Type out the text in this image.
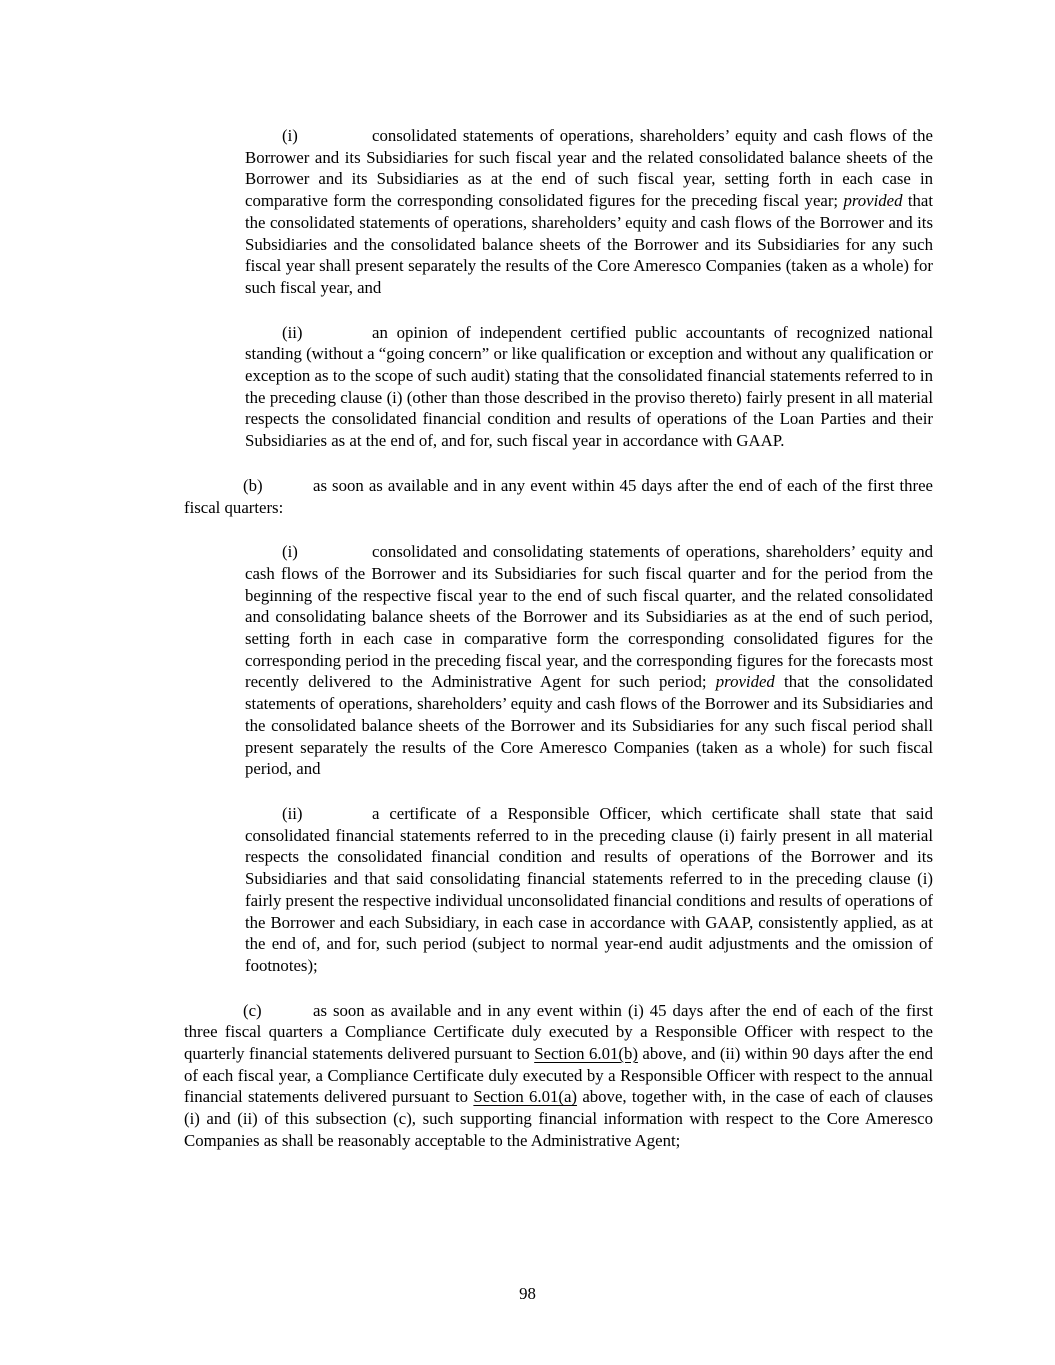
(i)	consolidated statements of operations, shareholders’ equity and cash flows of the Borrower and its Subsidiaries for such fiscal year and the related consolidated balance sheets of the Borrower and its Subsidiaries as at the end of such fiscal year, setting forth in each case in comparative form the corresponding consolidated figures for the preceding fiscal year; provided that the consolidated statements of operations, shareholders’ equity and cash flows of the Borrower and its Subsidiaries and the consolidated balance sheets of the Borrower and its Subsidiaries for any such fiscal year shall present separately the results of the Core Ameresco Companies (taken as a whole) for such fiscal year, and

(ii)	an opinion of independent certified public accountants of recognized national standing (without a “going concern” or like qualification or exception and without any qualification or exception as to the scope of such audit) stating that the consolidated financial statements referred to in the preceding clause (i) (other than those described in the proviso thereto) fairly present in all material respects the consolidated financial condition and results of operations of the Loan Parties and their Subsidiaries as at the end of, and for, such fiscal year in accordance with GAAP.

(b)	as soon as available and in any event within 45 days after the end of each of the first three fiscal quarters:

(i)	consolidated and consolidating statements of operations, shareholders’ equity and cash flows of the Borrower and its Subsidiaries for such fiscal quarter and for the period from the beginning of the respective fiscal year to the end of such fiscal quarter, and the related consolidated and consolidating balance sheets of the Borrower and its Subsidiaries as at the end of such period, setting forth in each case in comparative form the corresponding consolidated figures for the corresponding period in the preceding fiscal year, and the corresponding figures for the forecasts most recently delivered to the Administrative Agent for such period; provided that the consolidated statements of operations, shareholders’ equity and cash flows of the Borrower and its Subsidiaries and the consolidated balance sheets of the Borrower and its Subsidiaries for any such fiscal period shall present separately the results of the Core Ameresco Companies (taken as a whole) for such fiscal period, and

(ii)	a certificate of a Responsible Officer, which certificate shall state that said consolidated financial statements referred to in the preceding clause (i) fairly present in all material respects the consolidated financial condition and results of operations of the Borrower and its Subsidiaries and that said consolidating financial statements referred to in the preceding clause (i) fairly present the respective individual unconsolidated financial conditions and results of operations of the Borrower and each Subsidiary, in each case in accordance with GAAP, consistently applied, as at the end of, and for, such period (subject to normal year-end audit adjustments and the omission of footnotes);

(c)	as soon as available and in any event within (i) 45 days after the end of each of the first three fiscal quarters a Compliance Certificate duly executed by a Responsible Officer with respect to the quarterly financial statements delivered pursuant to Section 6.01(b) above, and (ii) within 90 days after the end of each fiscal year, a Compliance Certificate duly executed by a Responsible Officer with respect to the annual financial statements delivered pursuant to Section 6.01(a) above, together with, in the case of each of clauses (i) and (ii) of this subsection (c), such supporting financial information with respect to the Core Ameresco Companies as shall be reasonably acceptable to the Administrative Agent;

98
